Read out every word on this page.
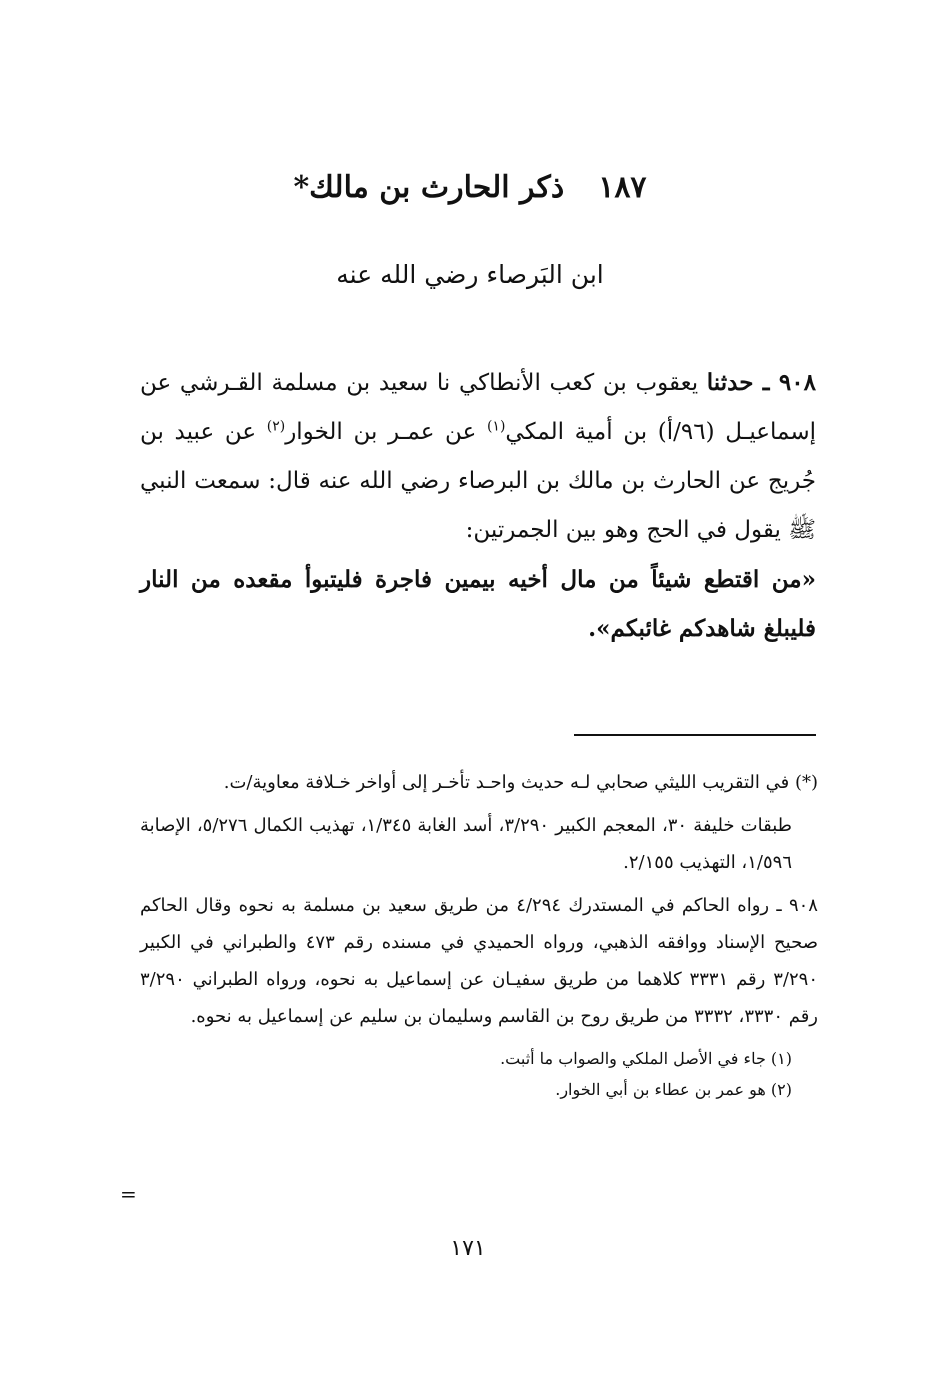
١٨٧ذكر الحارث بن مالك*
ابن البَرصاء رضي الله عنه
٩٠٨ ـ حدثنا يعقوب بن كعب الأنطاكي نا سعيد بن مسلمة القـرشي عن إسماعيـل (٩٦/أ) بن أمية المكي$^{(١)}$ عن عمـر بن الخوار$^{(٢)}$ عن عبيد بن جُريج عن الحارث بن مالك بن البرصاء رضي الله عنه قال: سمعت النبي ﷺ يقول في الحج وهو بين الجمرتين:
«من اقتطع شيئاً من مال أخيه بيمين فاجرة فليتبوأ مقعده من النار فليبلغ شاهدكم غائبكم».
(*) في التقريب الليثي صحابي لـه حديث واحـد تأخـر إلى أواخر خـلافة معاوية/ت.
طبقات خليفة ٣٠، المعجم الكبير ٣/٢٩٠، أسد الغابة ١/٣٤٥، تهذيب الكمال ٥/٢٧٦، الإصابة ١/٥٩٦، التهذيب ٢/١٥٥.
٩٠٨ ـ رواه الحاكم في المستدرك ٤/٢٩٤ من طريق سعيد بن مسلمة به نحوه وقال الحاكم صحيح الإسناد ووافقه الذهبي، ورواه الحميدي في مسنده رقم ٤٧٣ والطبراني في الكبير ٣/٢٩٠ رقم ٣٣٣١ كلاهما من طريق سفيـان عن إسماعيل به نحوه، ورواه الطبراني ٣/٢٩٠ رقم ٣٣٣٠، ٣٣٣٢ من طريق روح بن القاسم وسليمان بن سليم عن إسماعيل به نحوه.
(١) جاء في الأصل الملكي والصواب ما أثبت.
(٢) هو عمر بن عطاء بن أبي الخوار.
=
١٧١
